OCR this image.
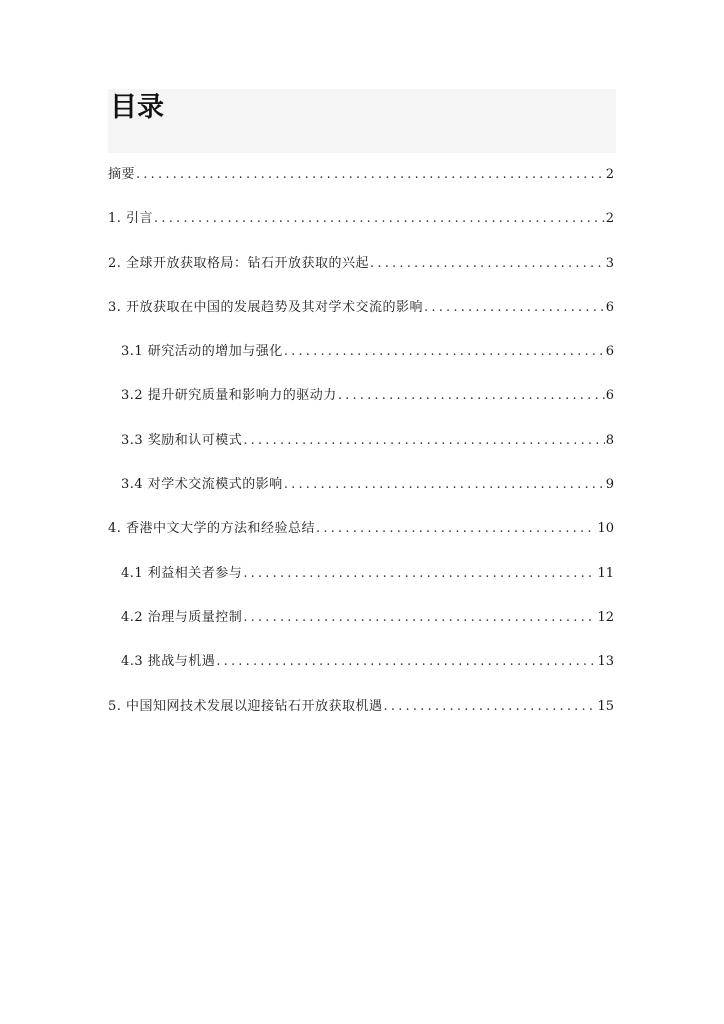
目录
摘要 .....	2
1. 引言 .....	2
2. 全球开放获取格局：钻石开放获取的兴起 .....	3
3. 开放获取在中国的发展趋势及其对学术交流的影响 .....	6
3.1 研究活动的增加与强化 .....	6
3.2 提升研究质量和影响力的驱动力 .....	6
3.3 奖励和认可模式 .....	8
3.4 对学术交流模式的影响 .....	9
4. 香港中文大学的方法和经验总结 .....	10
4.1 利益相关者参与 .....	11
4.2 治理与质量控制 .....	12
4.3 挑战与机遇 .....	13
5. 中国知网技术发展以迎接钻石开放获取机遇 .....	15
